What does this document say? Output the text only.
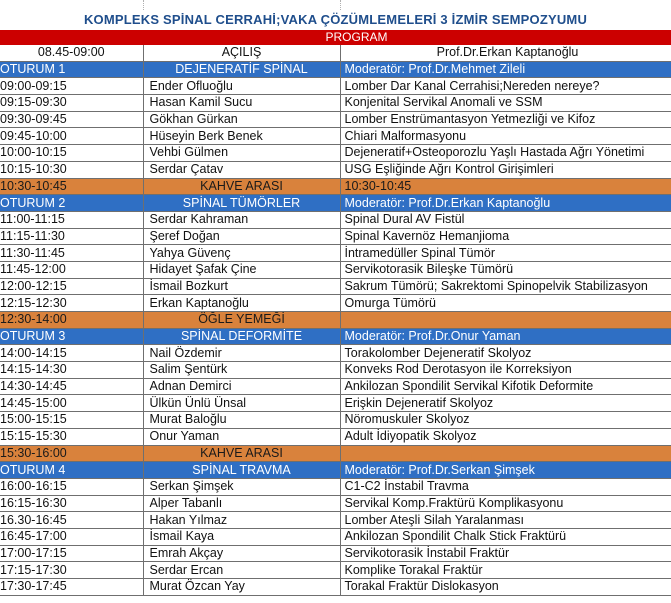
KOMPLEKS SPİNAL CERRAHİ;VAKA ÇÖZÜMLEMELERİ 3 İZMİR SEMPOZYUMU
PROGRAM
08.45-09:00	AÇILIŞ	Prof.Dr.Erkan Kaptanoğlu
OTURUM 1	DEJENERATİF SPİNAL	Moderatör: Prof.Dr.Mehmet Zileli
09:00-09:15	Ender Ofluoğlu	Lomber Dar Kanal Cerrahisi;Nereden nereye?
09:15-09:30	Hasan Kamil Sucu	Konjenital Servikal Anomali ve SSM
09:30-09:45	Gökhan Gürkan	Lomber Enstrümantasyon Yetmezliği ve Kifoz
09:45-10:00	Hüseyin Berk Benek	Chiari Malformasyonu
10:00-10:15	Vehbi Gülmen	Dejeneratif+Osteoporozlu Yaşlı Hastada Ağrı Yönetimi
10:15-10:30	Serdar Çatav	USG Eşliğinde Ağrı Kontrol Girişimleri
10:30-10:45	KAHVE ARASI	10:30-10:45
OTURUM 2	SPİNAL TÜMÖRLER	Moderatör: Prof.Dr.Erkan Kaptanoğlu
11:00-11:15	Serdar Kahraman	Spinal Dural AV Fistül
11:15-11:30	Şeref Doğan	Spinal Kavernöz Hemanjioma
11:30-11:45	Yahya Güvenç	İntramedüller Spinal Tümör
11:45-12:00	Hidayet Şafak Çine	Servikotorasik Bileşke Tümörü
12:00-12:15	İsmail Bozkurt	Sakrum Tümörü; Sakrektomi Spinopelvik Stabilizasyon
12:15-12:30	Erkan Kaptanoğlu	Omurga Tümörü
12:30-14:00	ÖĞLE YEMEĞİ	
OTURUM 3	SPİNAL DEFORMİTE	Moderatör: Prof.Dr.Onur Yaman
14:00-14:15	Nail Özdemir	Torakolomber Dejeneratif Skolyoz
14:15-14:30	Salim Şentürk	Konveks Rod Derotasyon ile Korreksiyon
14:30-14:45	Adnan Demirci	Ankilozan Spondilit Servikal Kifotik Deformite
14:45-15:00	Ülkün Ünlü Ünsal	Erişkin Dejeneratif Skolyoz
15:00-15:15	Murat Baloğlu	Nöromuskuler Skolyoz
15:15-15:30	Onur Yaman	Adult İdiyopatik Skolyoz
15:30-16:00	KAHVE ARASI	
OTURUM 4	SPİNAL TRAVMA	Moderatör: Prof.Dr.Serkan Şimşek
16:00-16:15	Serkan Şimşek	C1-C2 İnstabil Travma
16:15-16:30	Alper Tabanlı	Servikal Komp.Fraktürü Komplikasyonu
16.30-16:45	Hakan Yılmaz	Lomber Ateşli Silah Yaralanması
16:45-17:00	İsmail Kaya	Ankilozan Spondilit Chalk Stick Fraktürü
17:00-17:15	Emrah Akçay	Servikotorasik İnstabil Fraktür
17:15-17:30	Serdar Ercan	Komplike Torakal Fraktür
17:30-17:45	Murat Özcan Yay	Torakal Fraktür Dislokasyon
